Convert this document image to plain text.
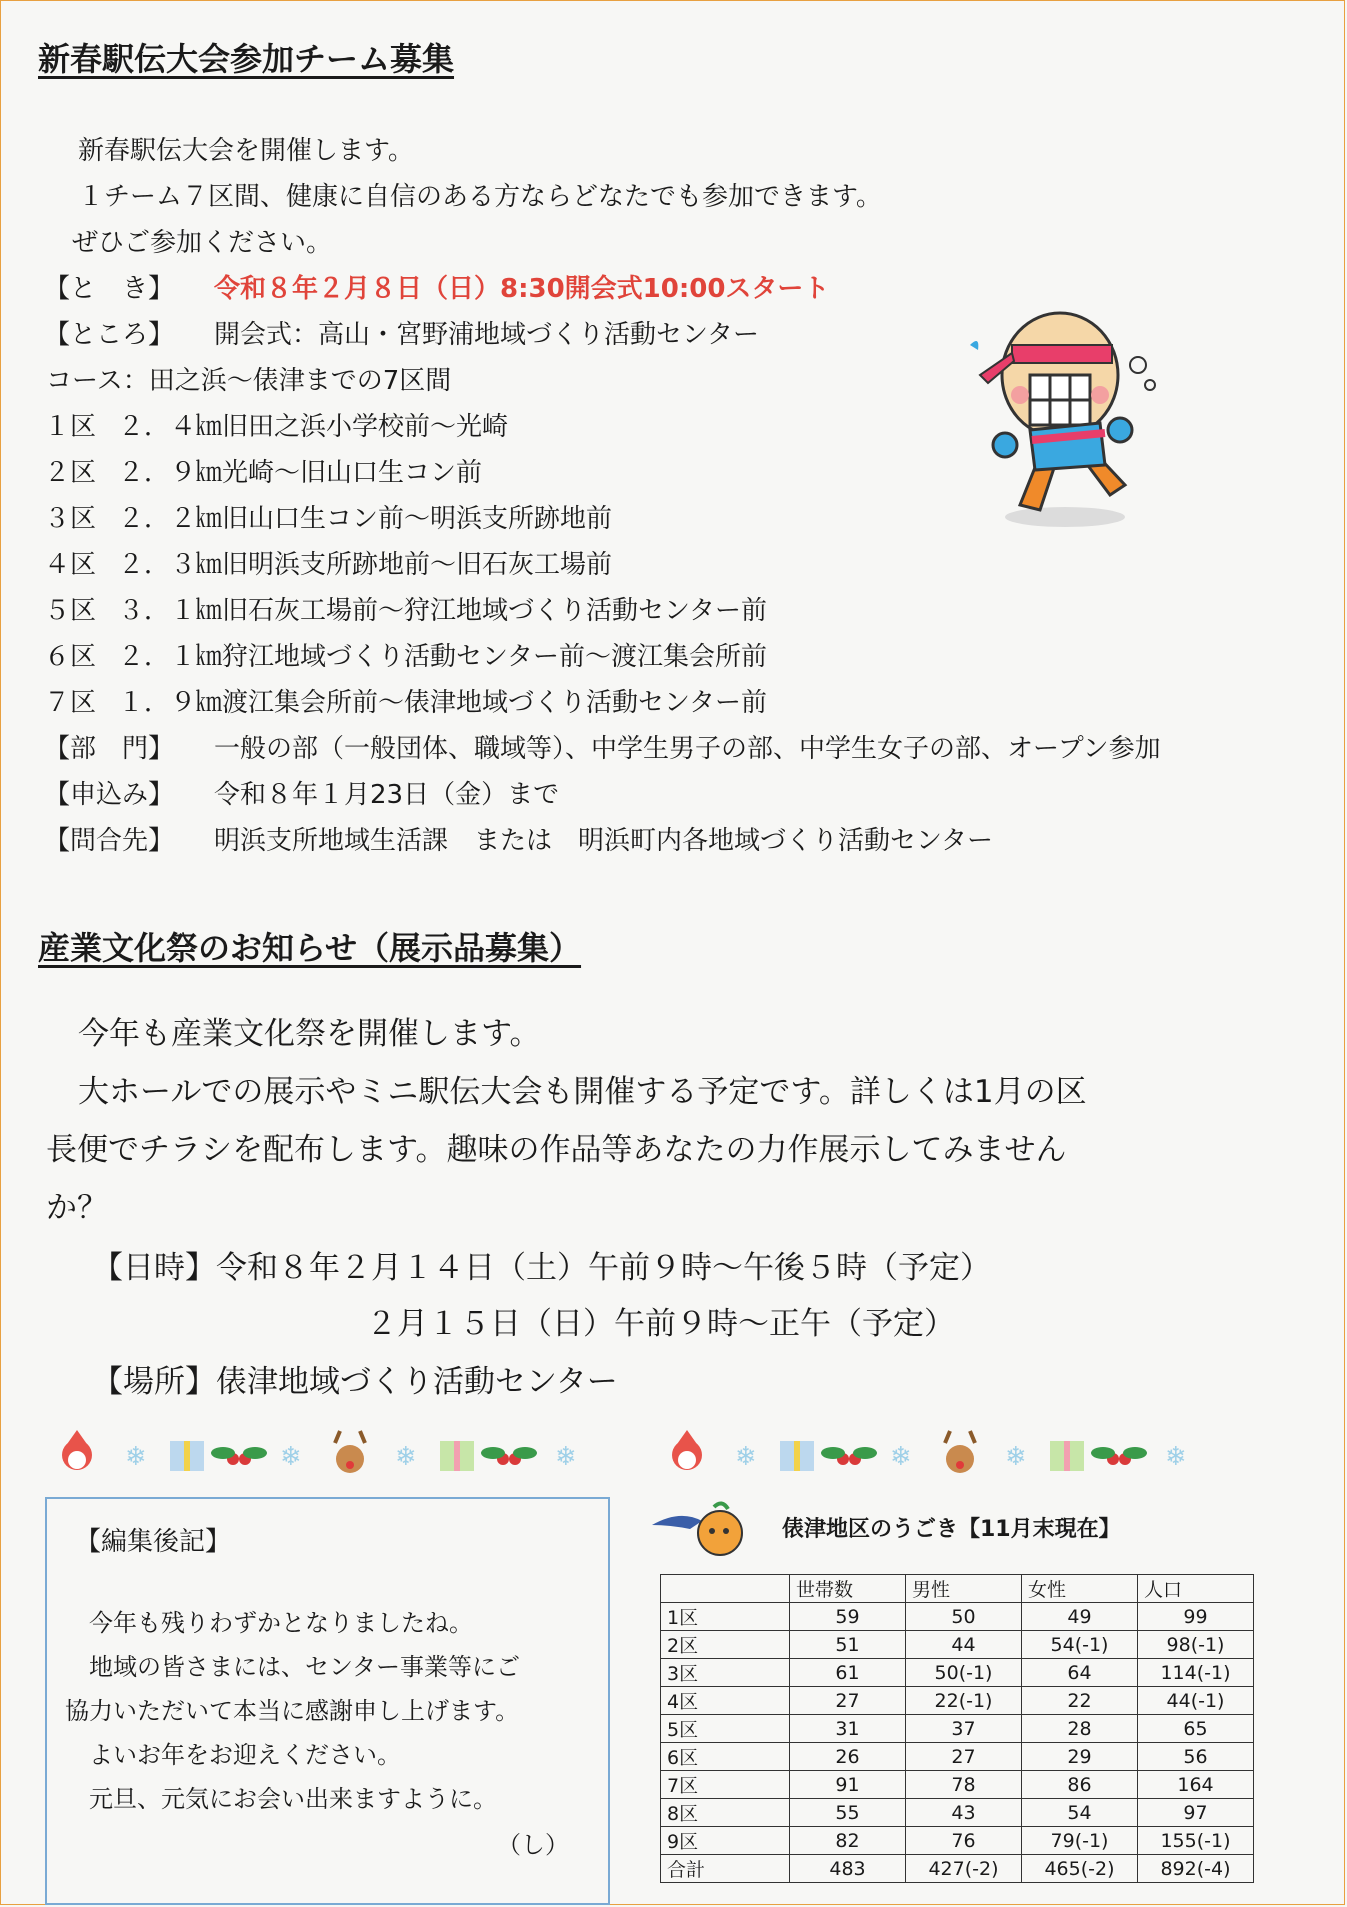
新春駅伝大会参加チーム募集
新春駅伝大会を開催します。
１チーム７区間、健康に自信のある方ならどなたでも参加できます。
ぜひご参加ください。
【と　き】 令和８年２月８日（日）8:30開会式10:00スタート
【ところ】 開会式：高山・宮野浦地域づくり活動センター
コース：田之浜～俵津までの7区間
１区 ２．４㎞旧田之浜小学校前～光崎
２区 ２．９㎞光崎～旧山口生コン前
３区 ２．２㎞旧山口生コン前～明浜支所跡地前
４区 ２．３㎞旧明浜支所跡地前～旧石灰工場前
５区 ３．１㎞旧石灰工場前～狩江地域づくり活動センター前
６区 ２．１㎞狩江地域づくり活動センター前～渡江集会所前
７区 １．９㎞渡江集会所前～俵津地域づくり活動センター前
【部　門】 一般の部（一般団体、職域等）、中学生男子の部、中学生女子の部、オープン参加
【申込み】 令和８年１月23日（金）まで
【問合先】 明浜支所地域生活課　または　明浜町内各地域づくり活動センター
産業文化祭のお知らせ（展示品募集）
今年も産業文化祭を開催します。
大ホールでの展示やミニ駅伝大会も開催する予定です。詳しくは1月の区
長便でチラシを配布します。趣味の作品等あなたの力作展示してみません
か？
【日時】令和８年２月１４日（土）午前９時～午後５時（予定）
２月１５日（日）午前９時～正午（予定）
【場所】俵津地域づくり活動センター
❄	❄	❄	❄
【編集後記】
今年も残りわずかとなりましたね。
地域の皆さまには、センター事業等にご
協力いただいて本当に感謝申し上げます。
よいお年をお迎えください。
元旦、元気にお会い出来ますように。
（し）
俵津地区のうごき【11月末現在】
	世帯数	男性	女性	人口
1区	59	50	49	99
2区	51	44	54(-1)	98(-1)
3区	61	50(-1)	64	114(-1)
4区	27	22(-1)	22	44(-1)
5区	31	37	28	65
6区	26	27	29	56
7区	91	78	86	164
8区	55	43	54	97
9区	82	76	79(-1)	155(-1)
合計	483	427(-2)	465(-2)	892(-4)
